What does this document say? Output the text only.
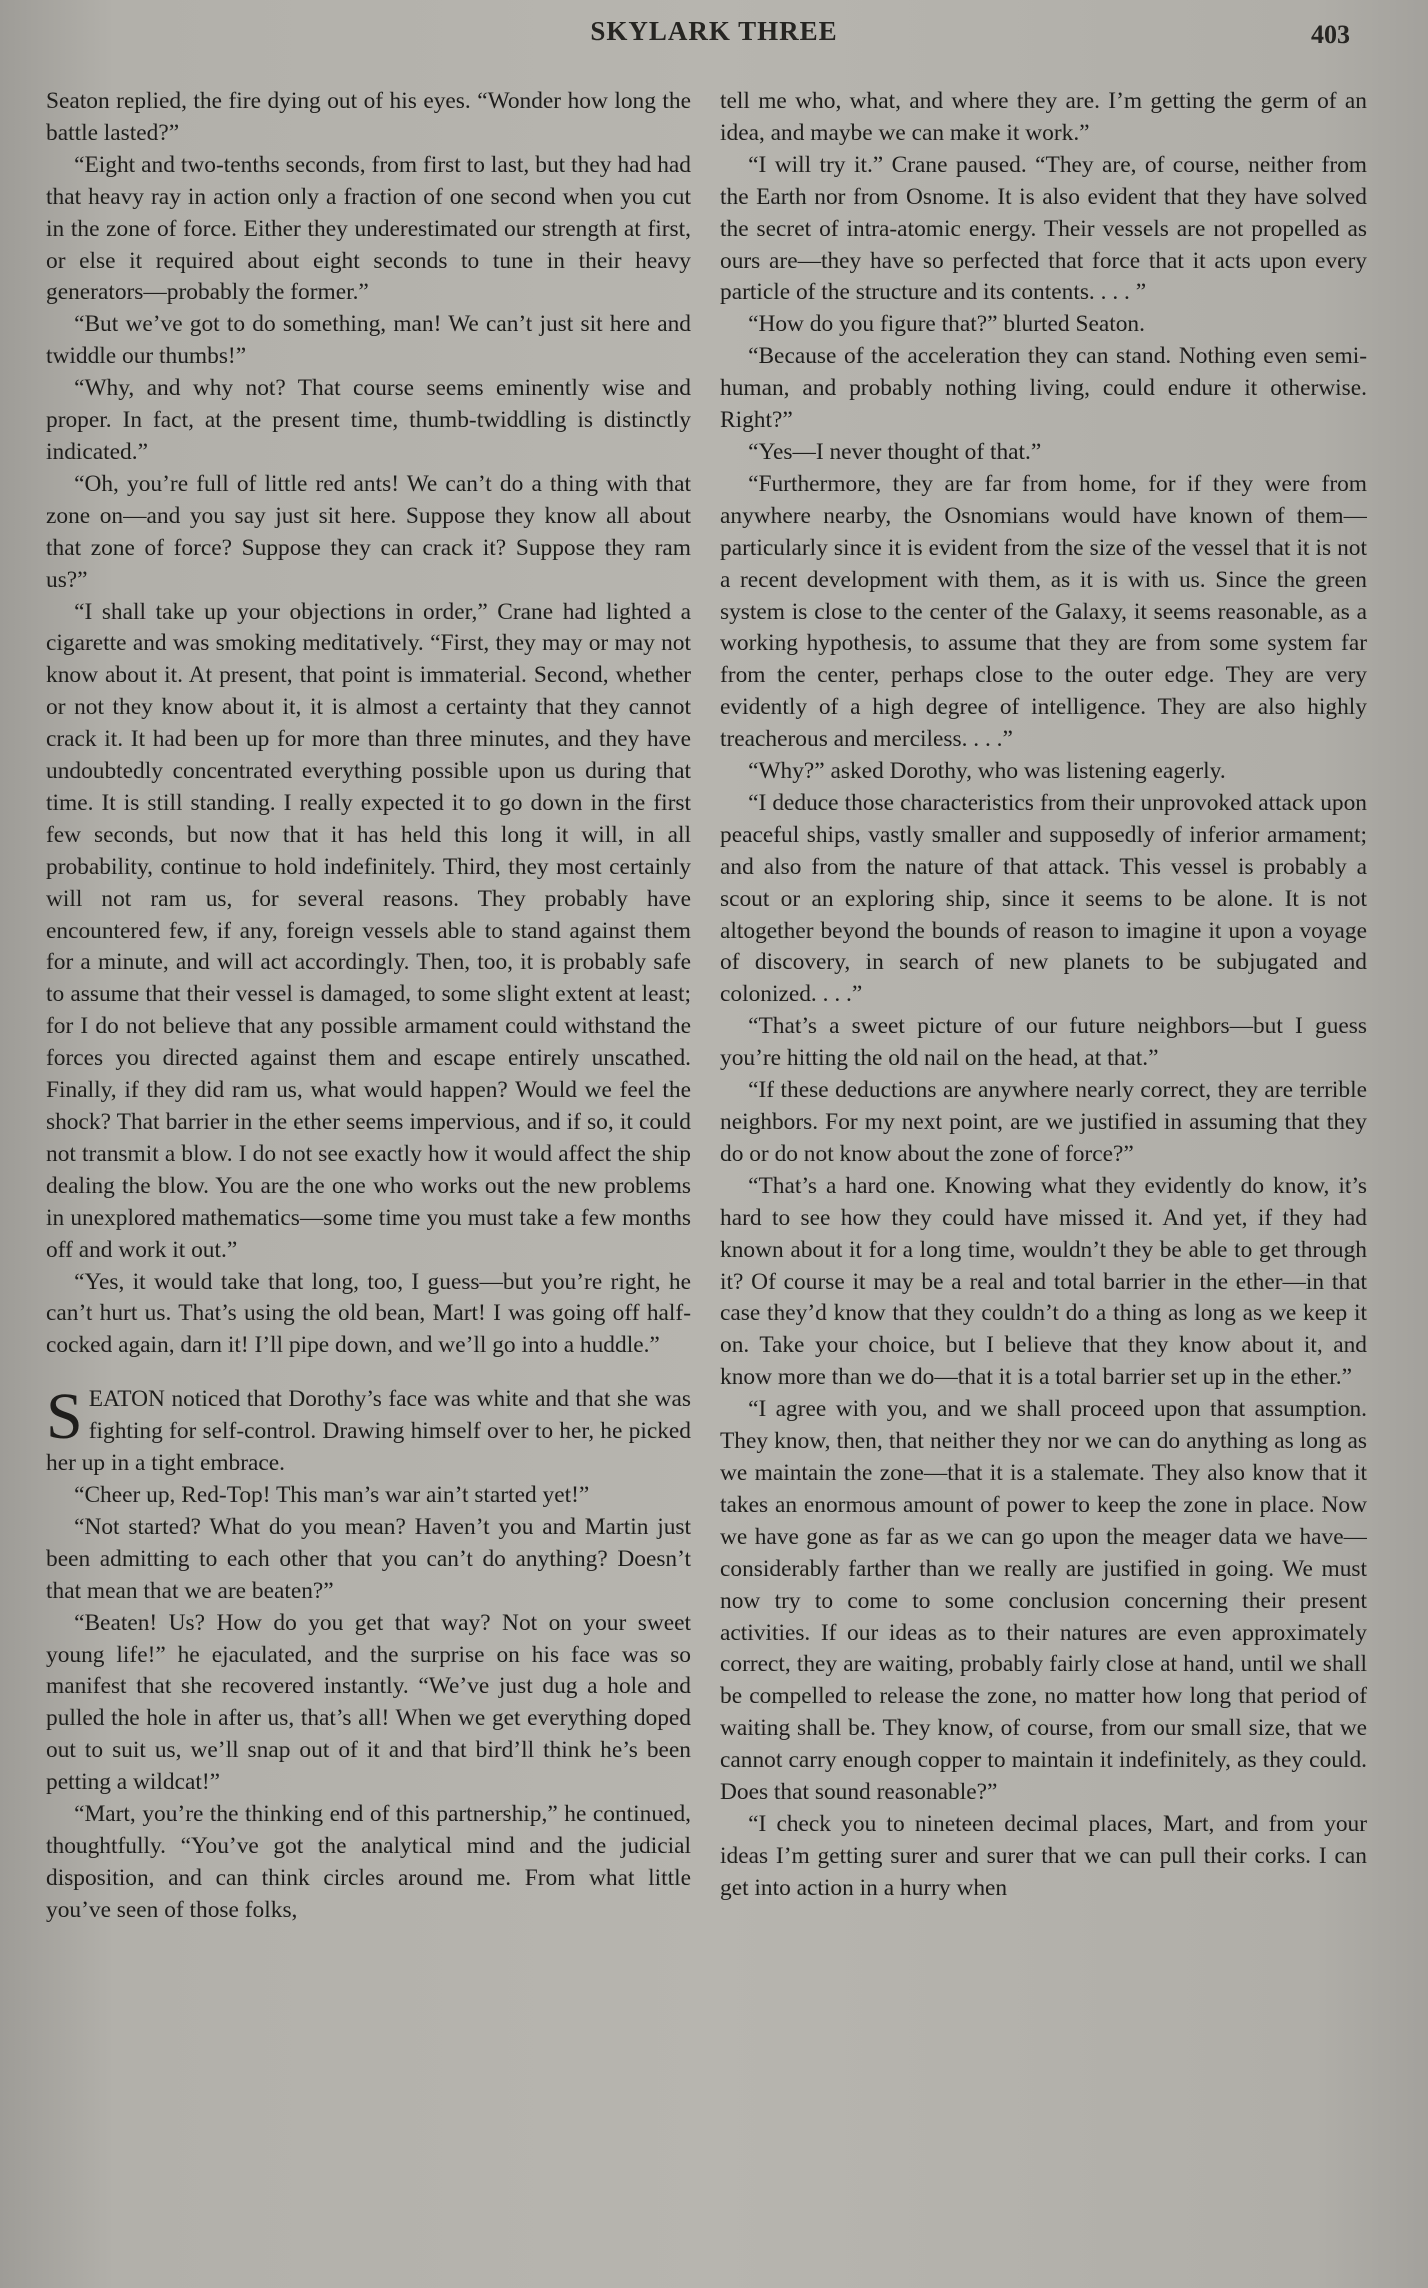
SKYLARK THREE	403

Seaton replied, the fire dying out of his eyes. “Wonder how long the battle lasted?”

“Eight and two-tenths seconds, from first to last, but they had had that heavy ray in action only a fraction of one second when you cut in the zone of force. Either they underestimated our strength at first, or else it required about eight seconds to tune in their heavy generators—probably the former.”

“But we’ve got to do something, man! We can’t just sit here and twiddle our thumbs!”

“Why, and why not? That course seems eminently wise and proper. In fact, at the present time, thumb-twiddling is distinctly indicated.”

“Oh, you’re full of little red ants! We can’t do a thing with that zone on—and you say just sit here. Suppose they know all about that zone of force? Suppose they can crack it? Suppose they ram us?”

“I shall take up your objections in order,” Crane had lighted a cigarette and was smoking meditatively. “First, they may or may not know about it. At present, that point is immaterial. Second, whether or not they know about it, it is almost a certainty that they cannot crack it. It had been up for more than three minutes, and they have undoubtedly concentrated everything possible upon us during that time. It is still standing. I really expected it to go down in the first few seconds, but now that it has held this long it will, in all probability, continue to hold indefinitely. Third, they most certainly will not ram us, for several reasons. They probably have encountered few, if any, foreign vessels able to stand against them for a minute, and will act accordingly. Then, too, it is probably safe to assume that their vessel is damaged, to some slight extent at least; for I do not believe that any possible armament could withstand the forces you directed against them and escape entirely unscathed. Finally, if they did ram us, what would happen? Would we feel the shock? That barrier in the ether seems impervious, and if so, it could not transmit a blow. I do not see exactly how it would affect the ship dealing the blow. You are the one who works out the new problems in unexplored mathematics—some time you must take a few months off and work it out.”

“Yes, it would take that long, too, I guess—but you’re right, he can’t hurt us. That’s using the old bean, Mart! I was going off half-cocked again, darn it! I’ll pipe down, and we’ll go into a huddle.”

SEATON noticed that Dorothy’s face was white and that she was fighting for self-control. Drawing himself over to her, he picked her up in a tight embrace.

“Cheer up, Red-Top! This man’s war ain’t started yet!”

“Not started? What do you mean? Haven’t you and Martin just been admitting to each other that you can’t do anything? Doesn’t that mean that we are beaten?”

“Beaten! Us? How do you get that way? Not on your sweet young life!” he ejaculated, and the surprise on his face was so manifest that she recovered instantly. “We’ve just dug a hole and pulled the hole in after us, that’s all! When we get everything doped out to suit us, we’ll snap out of it and that bird’ll think he’s been petting a wildcat!”

“Mart, you’re the thinking end of this partnership,” he continued, thoughtfully. “You’ve got the analytical mind and the judicial disposition, and can think circles around me. From what little you’ve seen of those folks,

tell me who, what, and where they are. I’m getting the germ of an idea, and maybe we can make it work.”

“I will try it.” Crane paused. “They are, of course, neither from the Earth nor from Osnome. It is also evident that they have solved the secret of intra-atomic energy. Their vessels are not propelled as ours are—they have so perfected that force that it acts upon every particle of the structure and its contents. . . . ”

“How do you figure that?” blurted Seaton.

“Because of the acceleration they can stand. Nothing even semi-human, and probably nothing living, could endure it otherwise. Right?”

“Yes—I never thought of that.”

“Furthermore, they are far from home, for if they were from anywhere nearby, the Osnomians would have known of them—particularly since it is evident from the size of the vessel that it is not a recent development with them, as it is with us. Since the green system is close to the center of the Galaxy, it seems reasonable, as a working hypothesis, to assume that they are from some system far from the center, perhaps close to the outer edge. They are very evidently of a high degree of intelligence. They are also highly treacherous and merciless. . . .”

“Why?” asked Dorothy, who was listening eagerly.

“I deduce those characteristics from their unprovoked attack upon peaceful ships, vastly smaller and supposedly of inferior armament; and also from the nature of that attack. This vessel is probably a scout or an exploring ship, since it seems to be alone. It is not altogether beyond the bounds of reason to imagine it upon a voyage of discovery, in search of new planets to be subjugated and colonized. . . .”

“That’s a sweet picture of our future neighbors—but I guess you’re hitting the old nail on the head, at that.”

“If these deductions are anywhere nearly correct, they are terrible neighbors. For my next point, are we justified in assuming that they do or do not know about the zone of force?”

“That’s a hard one. Knowing what they evidently do know, it’s hard to see how they could have missed it. And yet, if they had known about it for a long time, wouldn’t they be able to get through it? Of course it may be a real and total barrier in the ether—in that case they’d know that they couldn’t do a thing as long as we keep it on. Take your choice, but I believe that they know about it, and know more than we do—that it is a total barrier set up in the ether.”

“I agree with you, and we shall proceed upon that assumption. They know, then, that neither they nor we can do anything as long as we maintain the zone—that it is a stalemate. They also know that it takes an enormous amount of power to keep the zone in place. Now we have gone as far as we can go upon the meager data we have—considerably farther than we really are justified in going. We must now try to come to some conclusion concerning their present activities. If our ideas as to their natures are even approximately correct, they are waiting, probably fairly close at hand, until we shall be compelled to release the zone, no matter how long that period of waiting shall be. They know, of course, from our small size, that we cannot carry enough copper to maintain it indefinitely, as they could. Does that sound reasonable?”

“I check you to nineteen decimal places, Mart, and from your ideas I’m getting surer and surer that we can pull their corks. I can get into action in a hurry when
